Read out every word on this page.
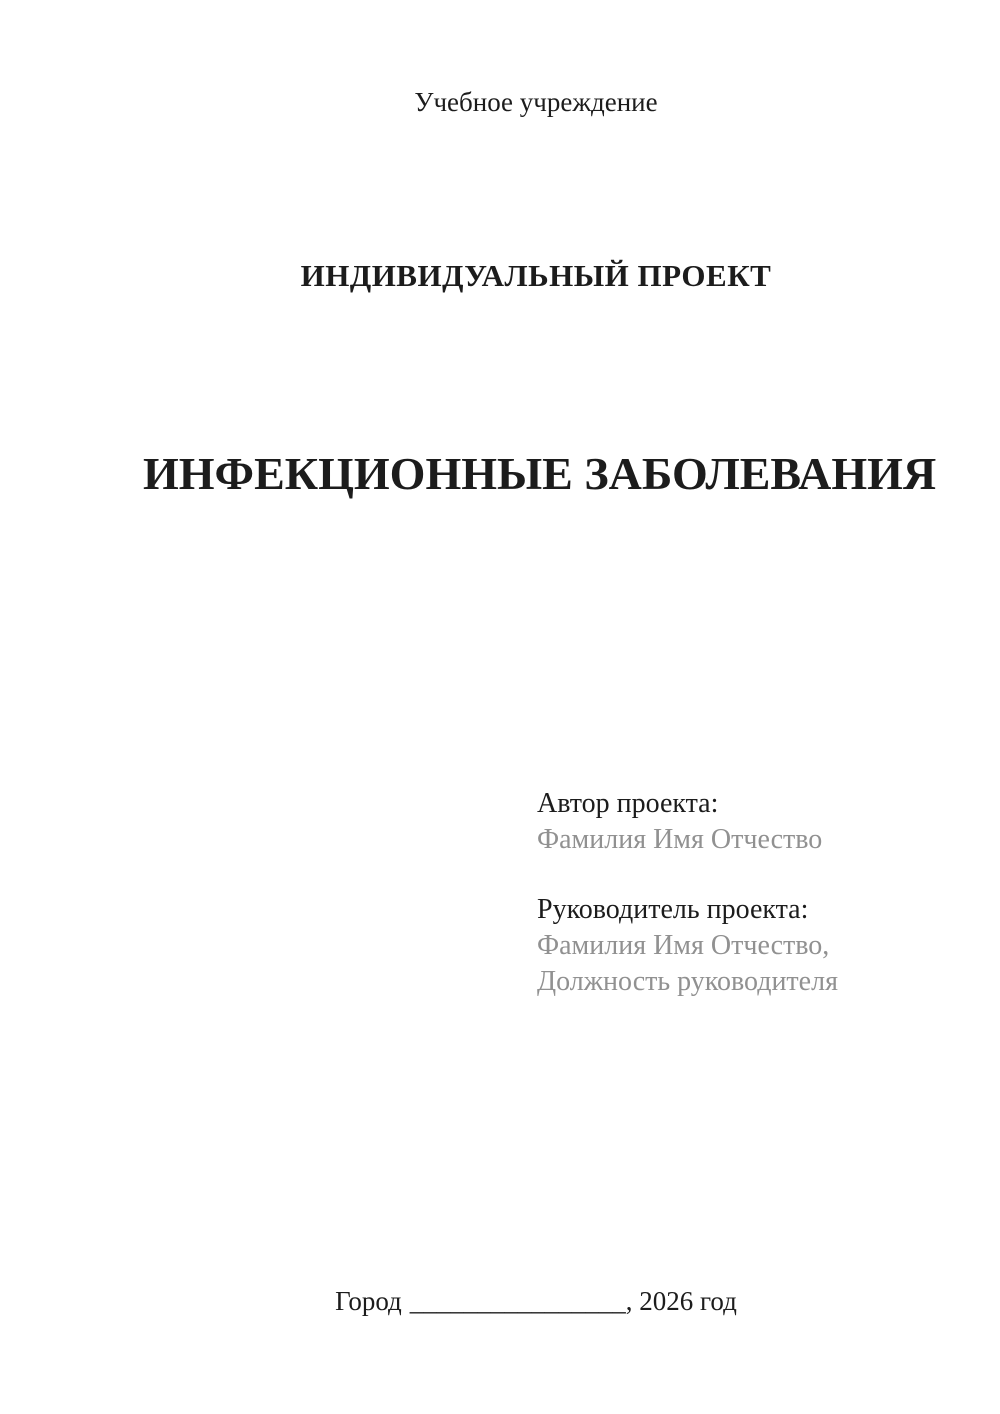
Учебное учреждение
ИНДИВИДУАЛЬНЫЙ ПРОЕКТ
ИНФЕКЦИОННЫЕ ЗАБОЛЕВАНИЯ
Автор проекта:
Фамилия Имя Отчество
Руководитель проекта:
Фамилия Имя Отчество,
Должность руководителя
Город ________________, 2026 год
